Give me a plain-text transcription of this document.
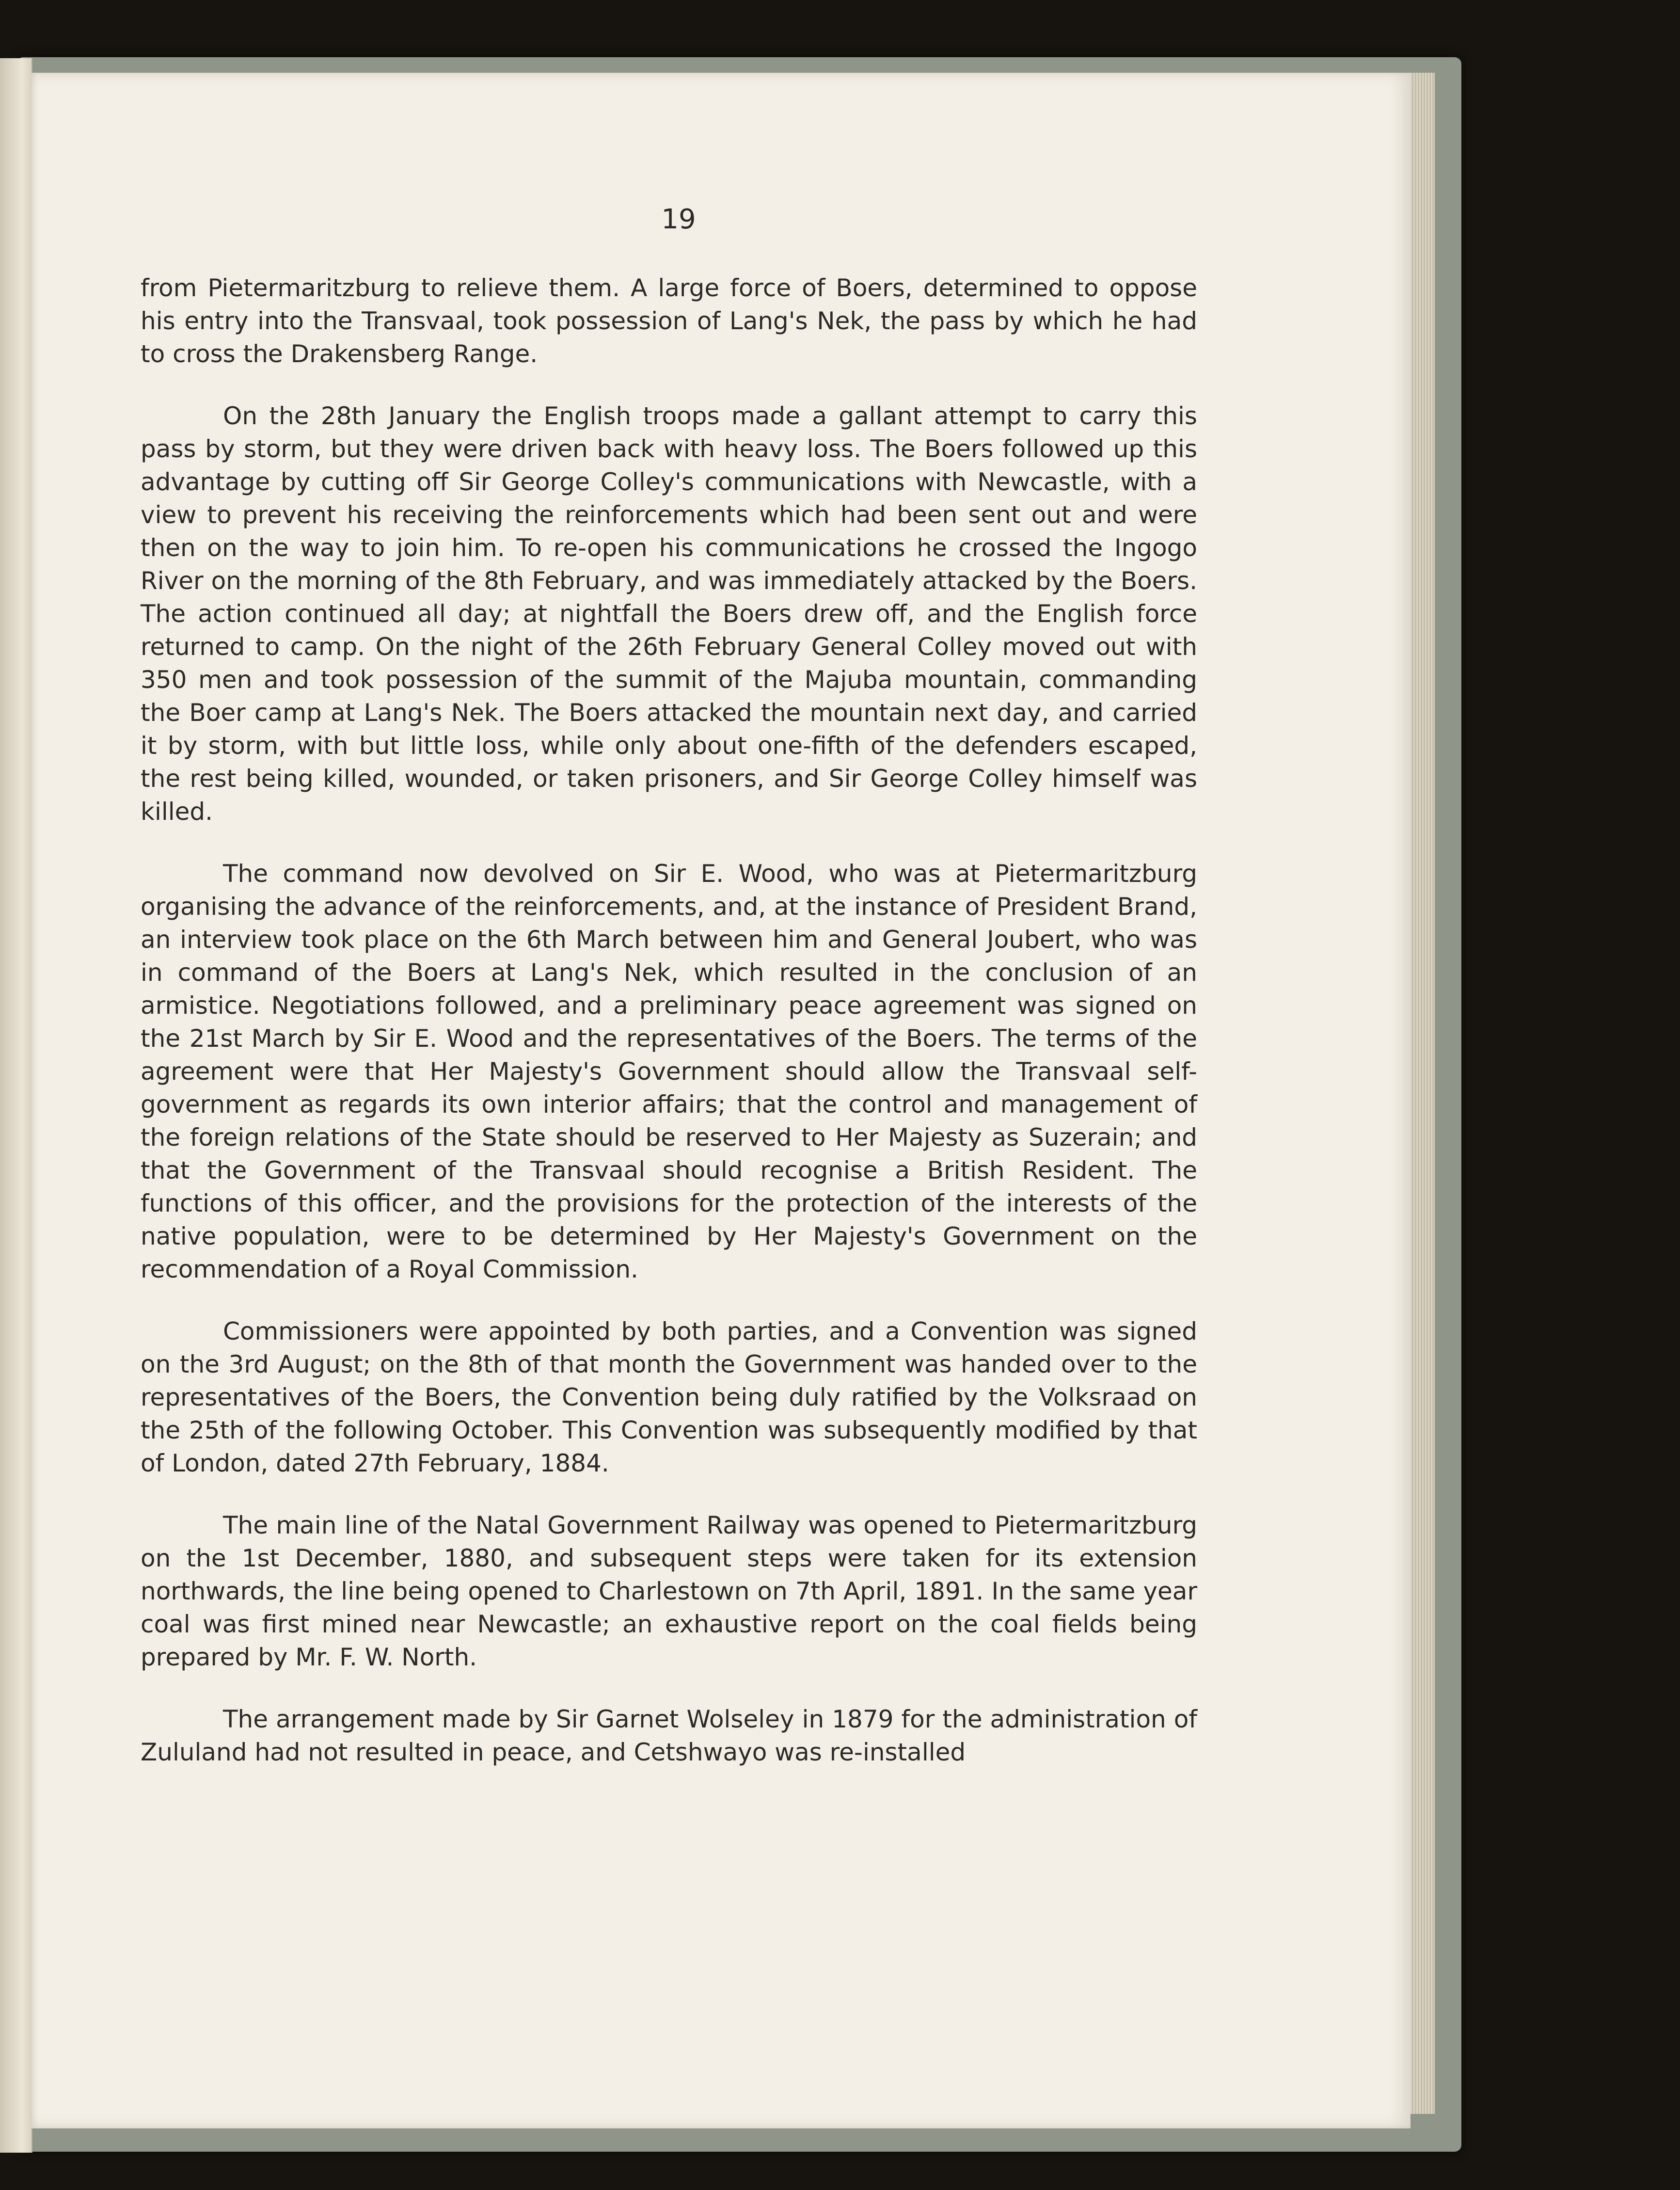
19

from Pietermaritzburg to relieve them. A large force of Boers, determined to oppose his entry into the Transvaal, took possession of Lang's Nek, the pass by which he had to cross the Drakensberg Range.

On the 28th January the English troops made a gallant attempt to carry this pass by storm, but they were driven back with heavy loss. The Boers followed up this advantage by cutting off Sir George Colley's communications with Newcastle, with a view to prevent his receiving the reinforcements which had been sent out and were then on the way to join him. To re-open his communications he crossed the Ingogo River on the morning of the 8th February, and was immediately attacked by the Boers. The action continued all day; at nightfall the Boers drew off, and the English force returned to camp. On the night of the 26th February General Colley moved out with 350 men and took possession of the summit of the Majuba mountain, commanding the Boer camp at Lang's Nek. The Boers attacked the mountain next day, and carried it by storm, with but little loss, while only about one-fifth of the defenders escaped, the rest being killed, wounded, or taken prisoners, and Sir George Colley himself was killed.

The command now devolved on Sir E. Wood, who was at Pietermaritzburg organising the advance of the reinforcements, and, at the instance of President Brand, an interview took place on the 6th March between him and General Joubert, who was in command of the Boers at Lang's Nek, which resulted in the conclusion of an armistice. Negotiations followed, and a preliminary peace agreement was signed on the 21st March by Sir E. Wood and the representatives of the Boers. The terms of the agreement were that Her Majesty's Government should allow the Transvaal self-government as regards its own interior affairs; that the control and management of the foreign relations of the State should be reserved to Her Majesty as Suzerain; and that the Government of the Transvaal should recognise a British Resident. The functions of this officer, and the provisions for the protection of the interests of the native population, were to be determined by Her Majesty's Government on the recommendation of a Royal Commission.

Commissioners were appointed by both parties, and a Convention was signed on the 3rd August; on the 8th of that month the Government was handed over to the representatives of the Boers, the Convention being duly ratified by the Volksraad on the 25th of the following October. This Convention was subsequently modified by that of London, dated 27th February, 1884.

The main line of the Natal Government Railway was opened to Pietermaritzburg on the 1st December, 1880, and subsequent steps were taken for its extension northwards, the line being opened to Charlestown on 7th April, 1891. In the same year coal was first mined near Newcastle; an exhaustive report on the coal fields being prepared by Mr. F. W. North.

The arrangement made by Sir Garnet Wolseley in 1879 for the administration of Zululand had not resulted in peace, and Cetshwayo was re-installed
